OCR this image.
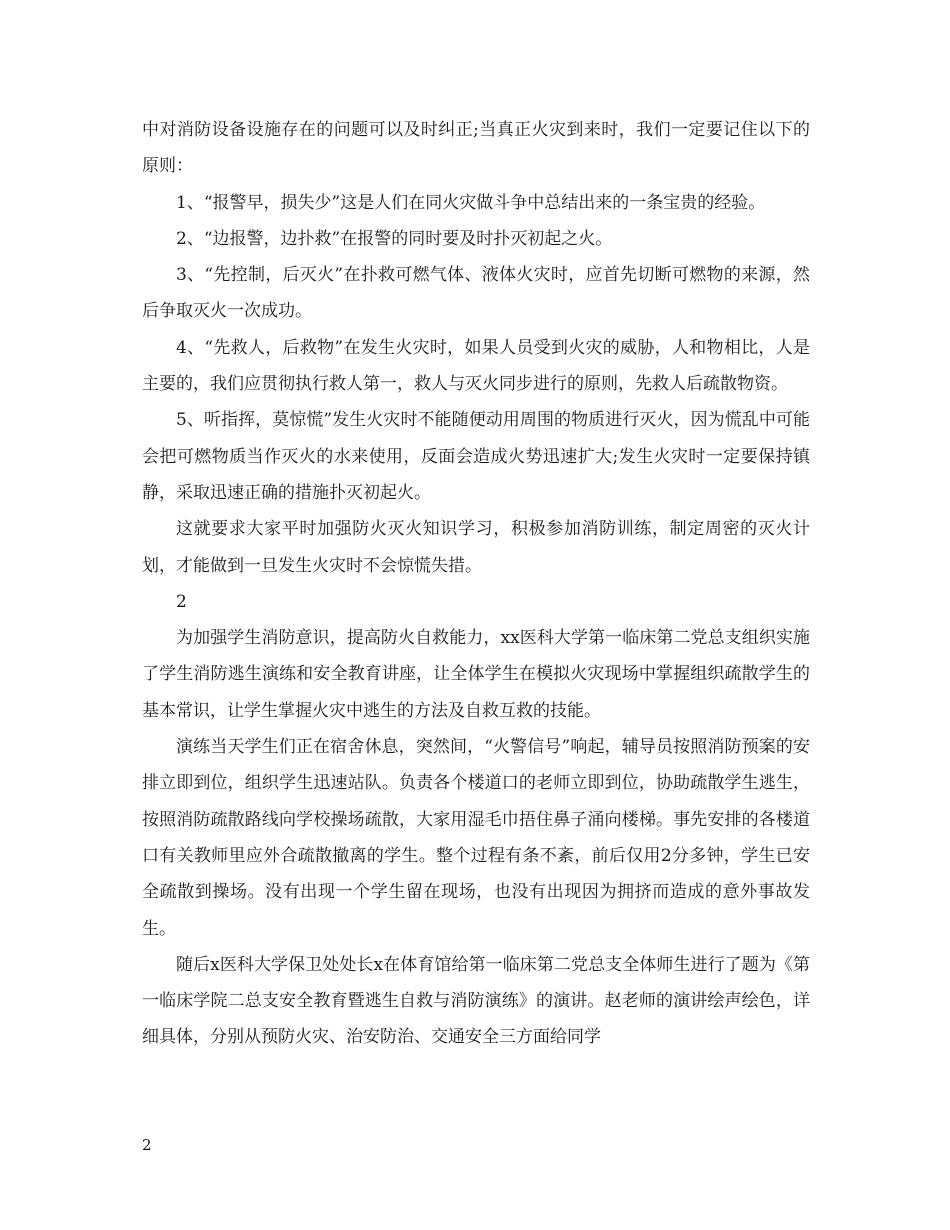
中对消防设备设施存在的问题可以及时纠正;当真正火灾到来时，我们一定要记住以下的原则：

1、“报警早，损失少”这是人们在同火灾做斗争中总结出来的一条宝贵的经验。

2、“边报警，边扑救”在报警的同时要及时扑灭初起之火。

3、“先控制，后灭火”在扑救可燃气体、液体火灾时，应首先切断可燃物的来源，然后争取灭火一次成功。

4、“先救人，后救物”在发生火灾时，如果人员受到火灾的威胁，人和物相比，人是主要的，我们应贯彻执行救人第一，救人与灭火同步进行的原则，先救人后疏散物资。

5、听指挥，莫惊慌”发生火灾时不能随便动用周围的物质进行灭火，因为慌乱中可能会把可燃物质当作灭火的水来使用，反面会造成火势迅速扩大;发生火灾时一定要保持镇静，采取迅速正确的措施扑灭初起火。

这就要求大家平时加强防火灭火知识学习，积极参加消防训练，制定周密的灭火计划，才能做到一旦发生火灾时不会惊慌失措。

2

为加强学生消防意识，提高防火自救能力，xx医科大学第一临床第二党总支组织实施了学生消防逃生演练和安全教育讲座，让全体学生在模拟火灾现场中掌握组织疏散学生的基本常识，让学生掌握火灾中逃生的方法及自救互救的技能。

演练当天学生们正在宿舍休息，突然间，“火警信号”响起，辅导员按照消防预案的安排立即到位，组织学生迅速站队。负责各个楼道口的老师立即到位，协助疏散学生逃生，按照消防疏散路线向学校操场疏散，大家用湿毛巾捂住鼻子涌向楼梯。事先安排的各楼道口有关教师里应外合疏散撤离的学生。整个过程有条不紊，前后仅用2分多钟，学生已安全疏散到操场。没有出现一个学生留在现场，也没有出现因为拥挤而造成的意外事故发生。

随后x医科大学保卫处处长x在体育馆给第一临床第二党总支全体师生进行了题为《第一临床学院二总支安全教育暨逃生自救与消防演练》的演讲。赵老师的演讲绘声绘色，详细具体，分别从预防火灾、治安防治、交通安全三方面给同学

2
